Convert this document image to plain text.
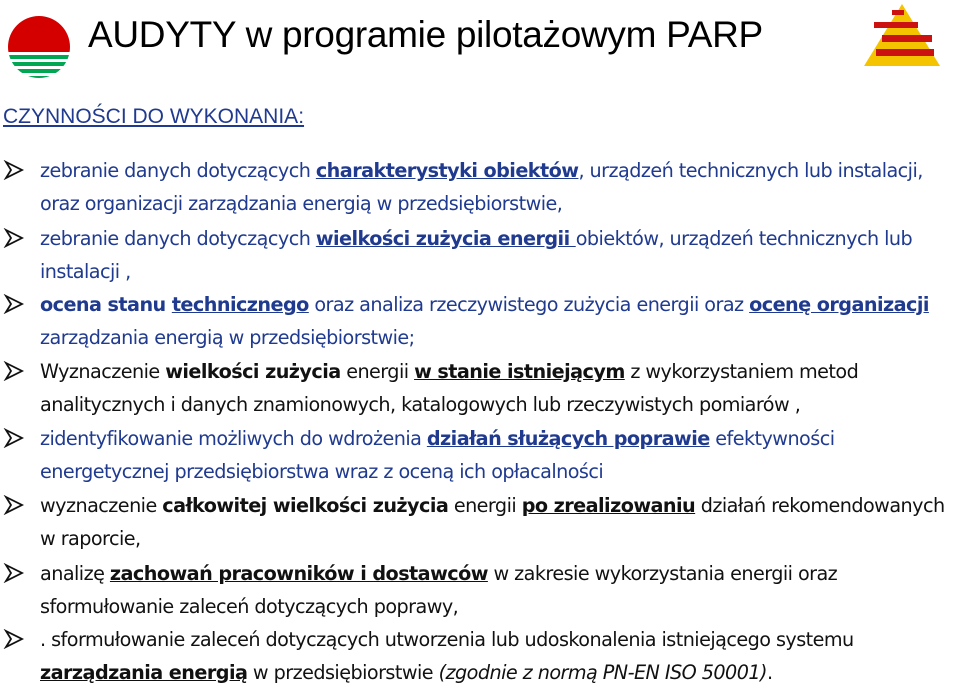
AUDYTY w programie pilotażowym PARP
CZYNNOŚCI DO WYKONANIA:
zebranie danych dotyczących charakterystyki obiektów, urządzeń technicznych lub instalacji, oraz organizacji zarządzania energią w przedsiębiorstwie,
zebranie danych dotyczących wielkości zużycia energii obiektów, urządzeń technicznych lub instalacji ,
ocena stanu technicznego oraz analiza rzeczywistego zużycia energii oraz ocenę organizacji zarządzania energią w przedsiębiorstwie;
Wyznaczenie wielkości zużycia energii w stanie istniejącym z wykorzystaniem metod analitycznych i danych znamionowych, katalogowych lub rzeczywistych pomiarów ,
zidentyfikowanie możliwych do wdrożenia działań służących poprawie efektywności energetycznej przedsiębiorstwa wraz z oceną ich opłacalności
wyznaczenie całkowitej wielkości zużycia energii po zrealizowaniu działań rekomendowanych w raporcie,
analizę zachowań pracowników i dostawców w zakresie wykorzystania energii oraz sformułowanie zaleceń dotyczących poprawy,
. sformułowanie zaleceń dotyczących utworzenia lub udoskonalenia istniejącego systemu zarządzania energią w przedsiębiorstwie (zgodnie z normą PN-EN ISO 50001).
